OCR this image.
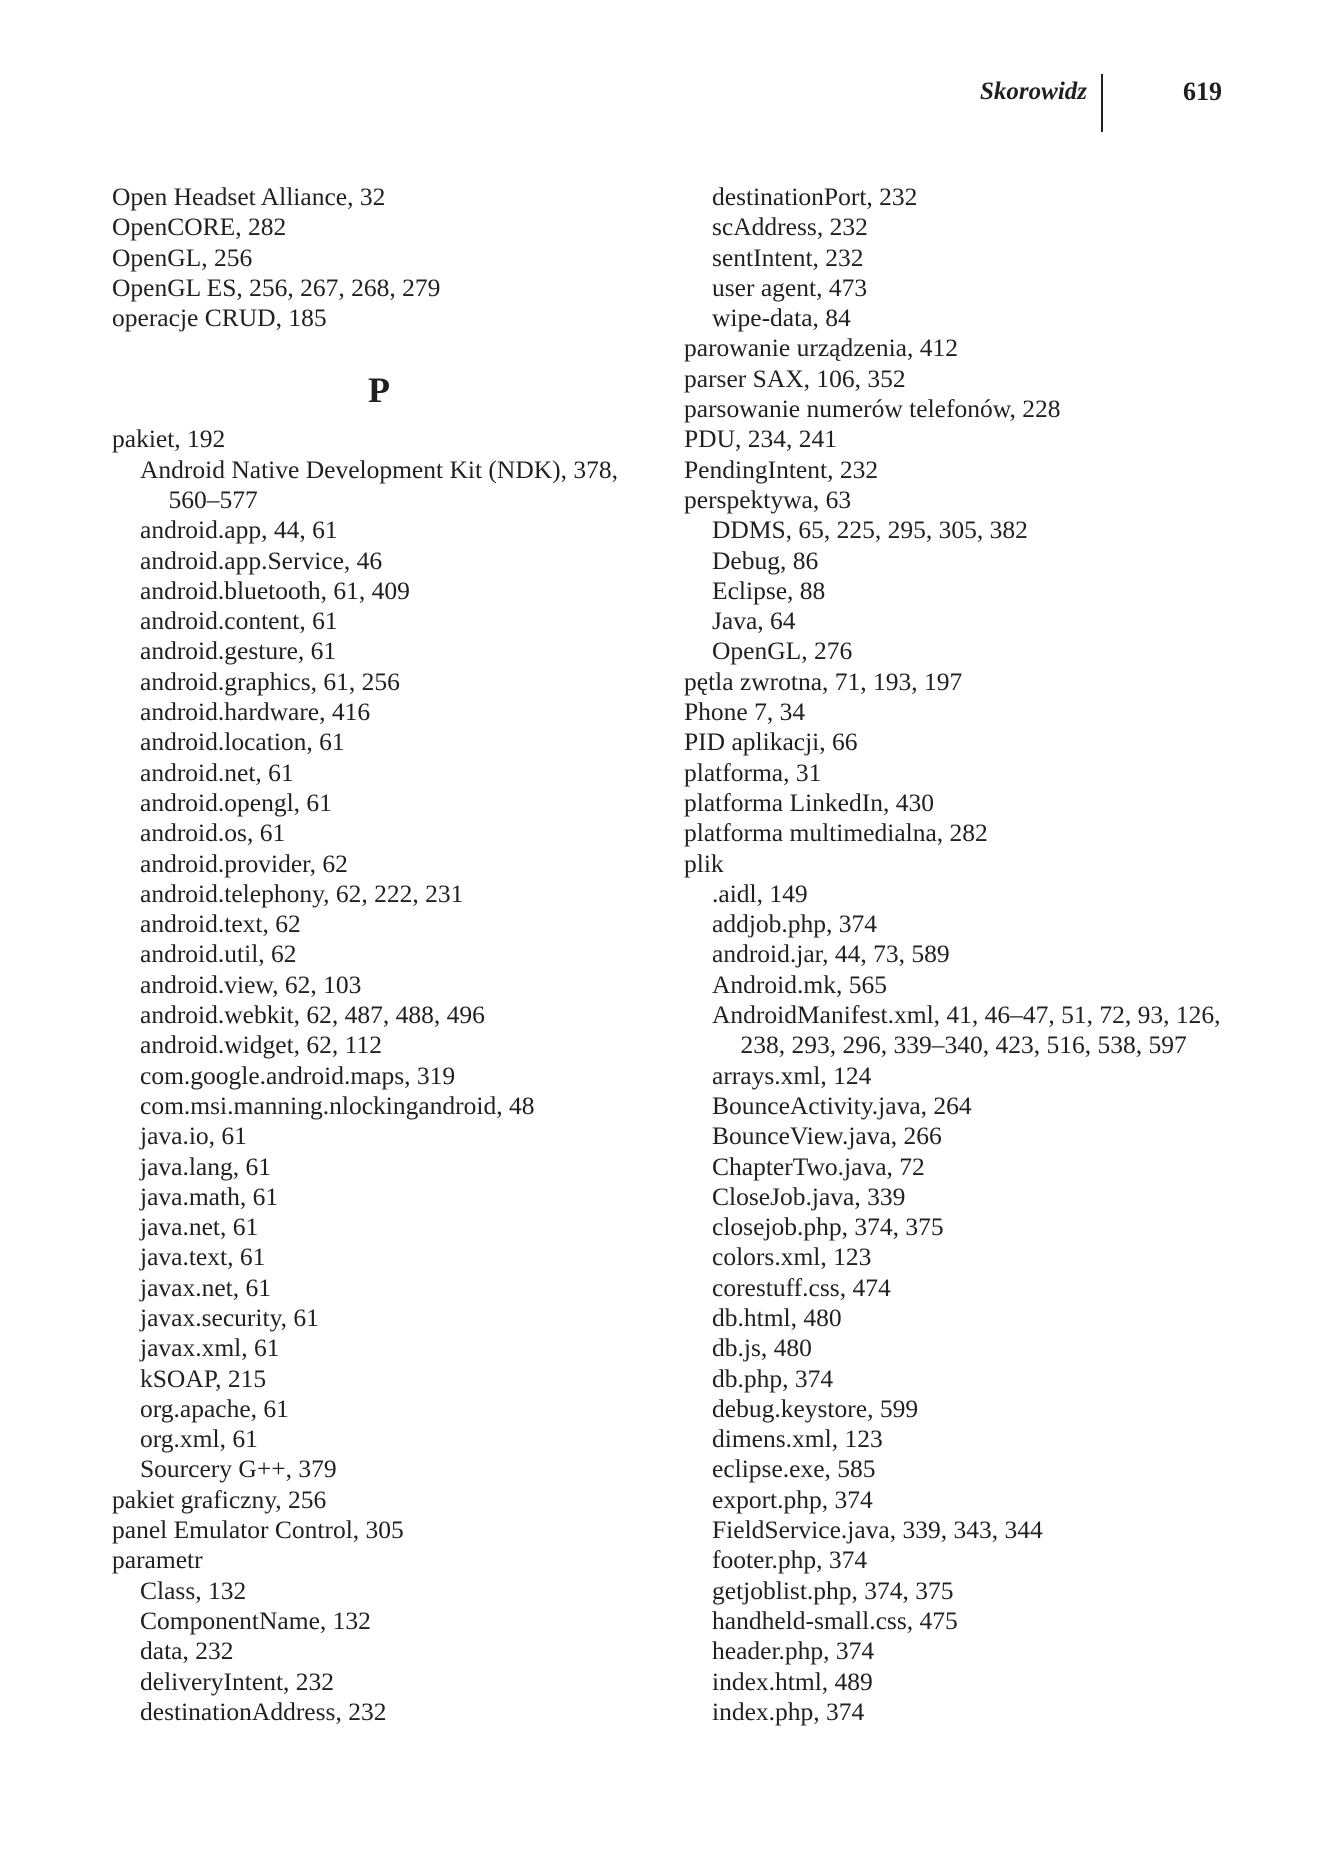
Skorowidz	619
Open Headset Alliance, 32
OpenCORE, 282
OpenGL, 256
OpenGL ES, 256, 267, 268, 279
operacje CRUD, 185
P
pakiet, 192
Android Native Development Kit (NDK), 378,
560–577
android.app, 44, 61
android.app.Service, 46
android.bluetooth, 61, 409
android.content, 61
android.gesture, 61
android.graphics, 61, 256
android.hardware, 416
android.location, 61
android.net, 61
android.opengl, 61
android.os, 61
android.provider, 62
android.telephony, 62, 222, 231
android.text, 62
android.util, 62
android.view, 62, 103
android.webkit, 62, 487, 488, 496
android.widget, 62, 112
com.google.android.maps, 319
com.msi.manning.nlockingandroid, 48
java.io, 61
java.lang, 61
java.math, 61
java.net, 61
java.text, 61
javax.net, 61
javax.security, 61
javax.xml, 61
kSOAP, 215
org.apache, 61
org.xml, 61
Sourcery G++, 379
pakiet graficzny, 256
panel Emulator Control, 305
parametr
Class, 132
ComponentName, 132
data, 232
deliveryIntent, 232
destinationAddress, 232
destinationPort, 232
scAddress, 232
sentIntent, 232
user agent, 473
wipe-data, 84
parowanie urządzenia, 412
parser SAX, 106, 352
parsowanie numerów telefonów, 228
PDU, 234, 241
PendingIntent, 232
perspektywa, 63
DDMS, 65, 225, 295, 305, 382
Debug, 86
Eclipse, 88
Java, 64
OpenGL, 276
pętla zwrotna, 71, 193, 197
Phone 7, 34
PID aplikacji, 66
platforma, 31
platforma LinkedIn, 430
platforma multimedialna, 282
plik
.aidl, 149
addjob.php, 374
android.jar, 44, 73, 589
Android.mk, 565
AndroidManifest.xml, 41, 46–47, 51, 72, 93, 126,
238, 293, 296, 339–340, 423, 516, 538, 597
arrays.xml, 124
BounceActivity.java, 264
BounceView.java, 266
ChapterTwo.java, 72
CloseJob.java, 339
closejob.php, 374, 375
colors.xml, 123
corestuff.css, 474
db.html, 480
db.js, 480
db.php, 374
debug.keystore, 599
dimens.xml, 123
eclipse.exe, 585
export.php, 374
FieldService.java, 339, 343, 344
footer.php, 374
getjoblist.php, 374, 375
handheld-small.css, 475
header.php, 374
index.html, 489
index.php, 374
